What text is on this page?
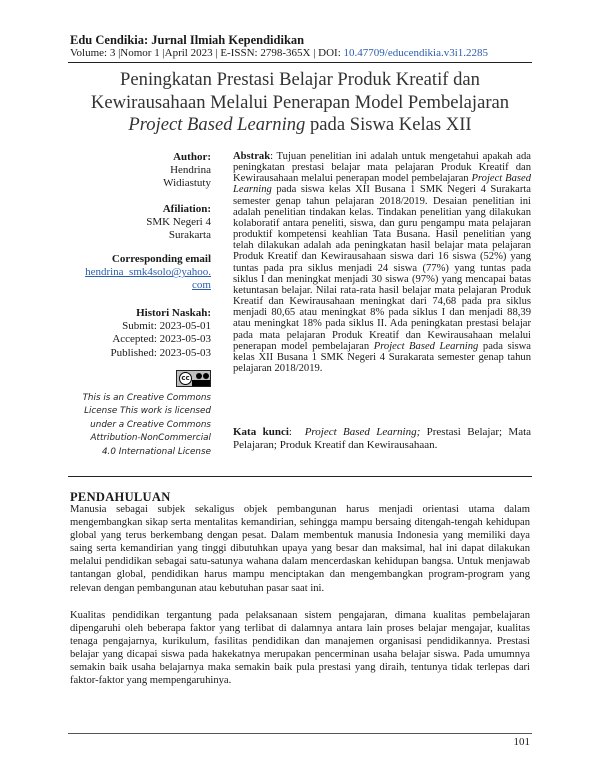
Edu Cendikia: Jurnal Ilmiah Kependidikan
Volume: 3 |Nomor 1 |April 2023 | E-ISSN: 2798-365X | DOI: 10.47709/educendikia.v3i1.2285
Peningkatan Prestasi Belajar Produk Kreatif dan
Kewirausahaan Melalui Penerapan Model Pembelajaran
Project Based Learning pada Siswa Kelas XII
Author:
Hendrina
Widiastuty
Afiliation:
SMK Negeri 4
Surakarta
Corresponding email
hendrina_smk4solo@yahoo.
com
Histori Naskah:
Submit: 2023-05-01
Accepted: 2023-05-03
Published: 2023-05-03
cc
This is an Creative Commons
License This work is licensed
under a Creative Commons
Attribution-NonCommercial
4.0 International License
Abstrak: Tujuan penelitian ini adalah untuk mengetahui apakah ada peningkatan prestasi belajar mata pelajaran Produk Kreatif dan Kewirausahaan melalui penerapan model pembelajaran Project Based Learning pada siswa kelas XII Busana 1 SMK Negeri 4 Surakarta semester genap tahun pelajaran 2018/2019. Desaian penelitian ini adalah penelitian tindakan kelas. Tindakan penelitian yang dilakukan kolaboratif antara peneliti, siswa, dan guru pengampu mata pelajaran produktif kompetensi keahlian Tata Busana. Hasil penelitian yang telah dilakukan adalah ada peningkatan hasil belajar mata pelajaran Produk Kreatif dan Kewirausahaan siswa dari 16 siswa (52%) yang tuntas pada pra siklus menjadi 24 siswa (77%) yang tuntas pada siklus I dan meningkat menjadi 30 siswa (97%) yang mencapai batas ketuntasan belajar. Nilai rata-rata hasil belajar mata pelajaran Produk Kreatif dan Kewirausahaan meningkat dari 74,68 pada pra siklus menjadi 80,65 atau meningkat 8% pada siklus I dan menjadi 88,39 atau meningkat 18% pada siklus II. Ada peningkatan prestasi belajar pada mata pelajaran Produk Kreatif dan Kewirausahaan melalui penerapan model pembelajaran Project Based Learning pada siswa kelas XII Busana 1 SMK Negeri 4 Surakarata semester genap tahun pelajaran 2018/2019.
Kata kunci:  Project Based Learning; Prestasi Belajar; Mata Pelajaran; Produk Kreatif dan Kewirausahaan.
PENDAHULUAN
Manusia sebagai subjek sekaligus objek pembangunan harus menjadi orientasi utama dalam mengembangkan sikap serta mentalitas kemandirian, sehingga mampu bersaing ditengah-tengah kehidupan global yang terus berkembang dengan pesat. Dalam membentuk manusia Indonesia yang memiliki daya saing serta kemandirian yang tinggi dibutuhkan upaya yang besar dan maksimal, hal ini dapat dilakukan melalui pendidikan sebagai satu-satunya wahana dalam mencerdaskan kehidupan bangsa. Untuk menjawab tantangan global, pendidikan harus mampu menciptakan dan mengembangkan program-program yang relevan dengan pembangunan atau kebutuhan pasar saat ini.
Kualitas pendidikan tergantung pada pelaksanaan sistem pengajaran, dimana kualitas pembelajaran dipengaruhi oleh beberapa faktor yang terlibat di dalamnya antara lain proses belajar mengajar, kualitas tenaga pengajarnya, kurikulum, fasilitas pendidikan dan manajemen organisasi pendidikannya. Prestasi belajar yang dicapai siswa pada hakekatnya merupakan pencerminan usaha belajar siswa. Pada umumnya semakin baik usaha belajarnya maka semakin baik pula prestasi yang diraih, tentunya tidak terlepas dari faktor-faktor yang mempengaruhinya.
101
